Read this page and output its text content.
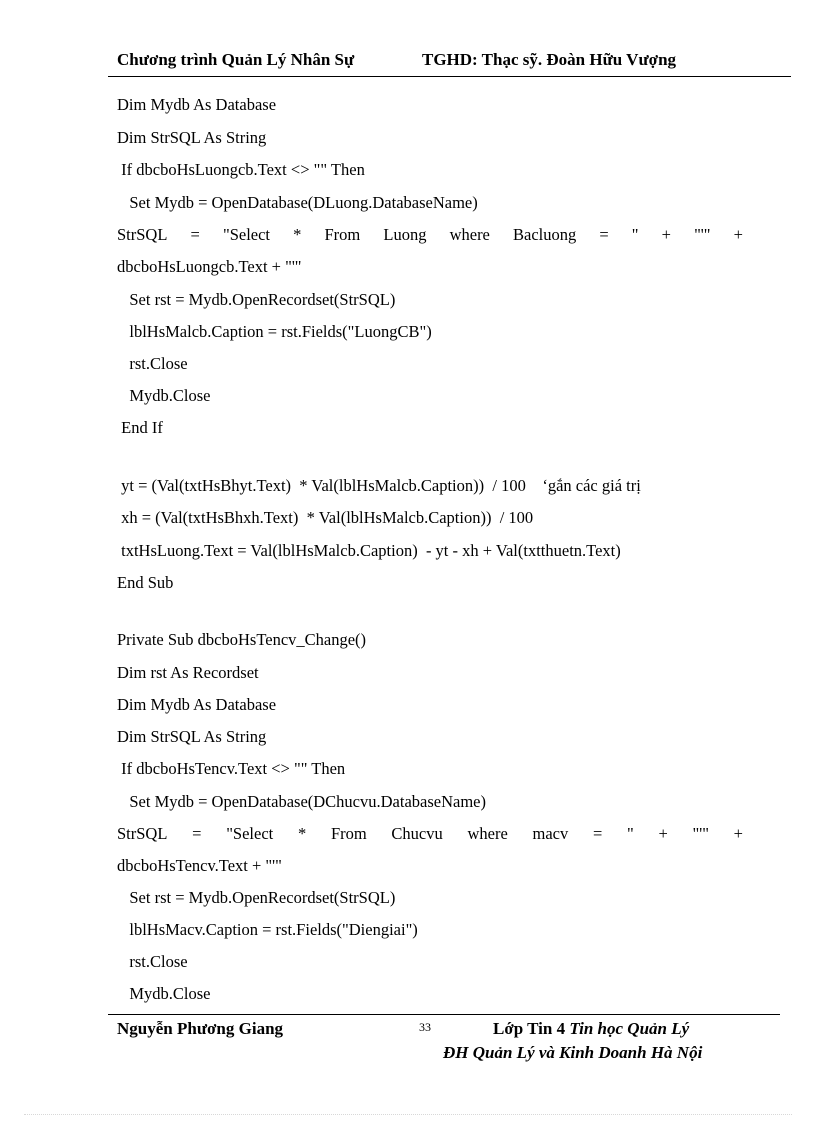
Chương trình Quản Lý Nhân Sự	TGHD: Thạc sỹ. Đoàn Hữu Vượng
Dim Mydb As Database
Dim StrSQL As String
If dbcboHsLuongcb.Text <> "" Then
Set Mydb = OpenDatabase(DLuong.DatabaseName)
StrSQL = "Select * From Luong where Bacluong = " + "'" +
dbcboHsLuongcb.Text + "'"
Set rst = Mydb.OpenRecordset(StrSQL)
lblHsMalcb.Caption = rst.Fields("LuongCB")
rst.Close
Mydb.Close
End If
yt = (Val(txtHsBhyt.Text)  * Val(lblHsMalcb.Caption))  / 100    ‘gắn các giá trị
xh = (Val(txtHsBhxh.Text)  * Val(lblHsMalcb.Caption))  / 100
txtHsLuong.Text = Val(lblHsMalcb.Caption)  - yt - xh + Val(txtthuetn.Text)
End Sub
Private Sub dbcboHsTencv_Change()
Dim rst As Recordset
Dim Mydb As Database
Dim StrSQL As String
If dbcboHsTencv.Text <> "" Then
Set Mydb = OpenDatabase(DChucvu.DatabaseName)
StrSQL = "Select * From Chucvu where macv = " + "'" +
dbcboHsTencv.Text + "'"
Set rst = Mydb.OpenRecordset(StrSQL)
lblHsMacv.Caption = rst.Fields("Diengiai")
rst.Close
Mydb.Close
Nguyễn Phương Giang	33	Lớp Tin 4 Tin học Quản Lý
ĐH Quản Lý và Kinh Doanh Hà Nội
